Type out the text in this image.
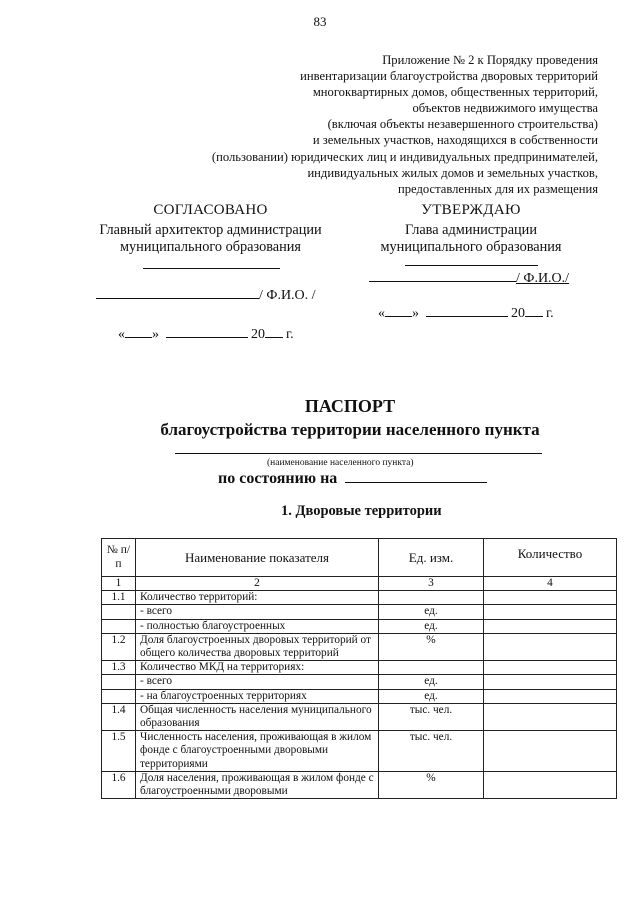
83
Приложение № 2 к Порядку проведения
инвентаризации благоустройства дворовых территорий
многоквартирных домов, общественных территорий,
объектов недвижимого имущества
(включая объекты незавершенного строительства)
и земельных участков, находящихся в собственности
(пользовании) юридических лиц и индивидуальных предпринимателей,
индивидуальных жилых домов и земельных участков,
предоставленных для их размещения
СОГЛАСОВАНО
Главный архитектор администрации
муниципального образования
/ Ф.И.О. /
« »	20 г.
УТВЕРЖДАЮ
Глава администрации
муниципального образования
/ Ф.И.О./
« »	20 г.
ПАСПОРТ
благоустройства территории населенного пункта
(наименование населенного пункта)
по состоянию на
1. Дворовые территории
№ п/п	Наименование показателя	Ед. изм.	Количество
1	2	3	4
1.1	Количество территорий:		
	- всего	ед.	
	- полностью благоустроенных	ед.	
1.2	Доля благоустроенных дворовых территорий от общего количества дворовых территорий	%	
1.3	Количество МКД на территориях:		
	- всего	ед.	
	- на благоустроенных территориях	ед.	
1.4	Общая численность населения муниципального образования	тыс. чел.	
1.5	Численность населения, проживающая в жилом фонде с благоустроенными дворовыми территориями	тыс. чел.	
1.6	Доля населения, проживающая в жилом фонде с благоустроенными дворовыми	%	
